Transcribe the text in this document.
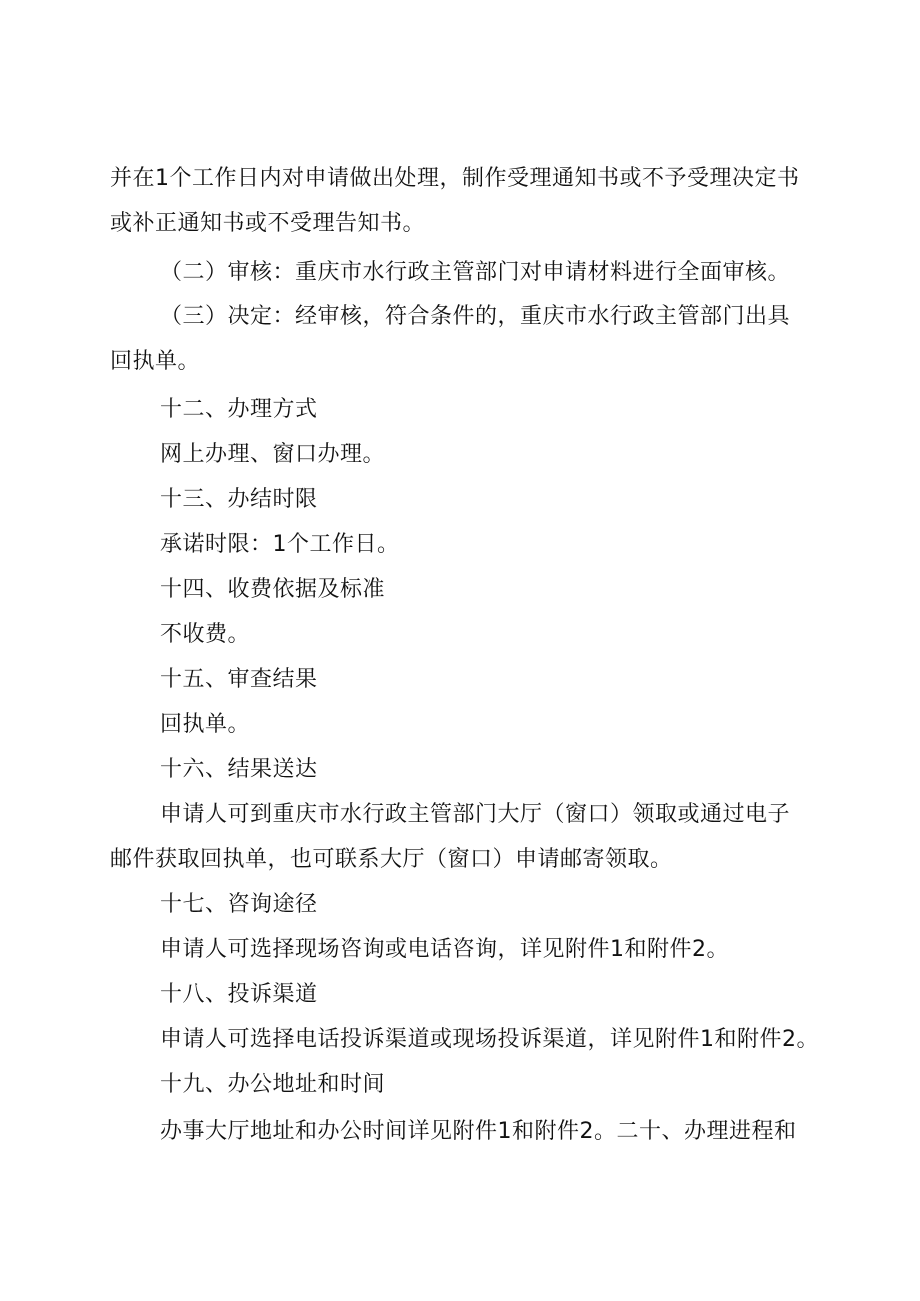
并在1个工作日内对申请做出处理，制作受理通知书或不予受理决定书
或补正通知书或不受理告知书。
（二）审核：重庆市水行政主管部门对申请材料进行全面审核。
（三）决定：经审核，符合条件的，重庆市水行政主管部门出具
回执单。
十二、办理方式
网上办理、窗口办理。
十三、办结时限
承诺时限：1个工作日。
十四、收费依据及标准
不收费。
十五、审查结果
回执单。
十六、结果送达
申请人可到重庆市水行政主管部门大厅（窗口）领取或通过电子
邮件获取回执单，也可联系大厅（窗口）申请邮寄领取。
十七、咨询途径
申请人可选择现场咨询或电话咨询，详见附件1和附件2。
十八、投诉渠道
申请人可选择电话投诉渠道或现场投诉渠道，详见附件1和附件2。
十九、办公地址和时间
办事大厅地址和办公时间详见附件1和附件2。二十、办理进程和
